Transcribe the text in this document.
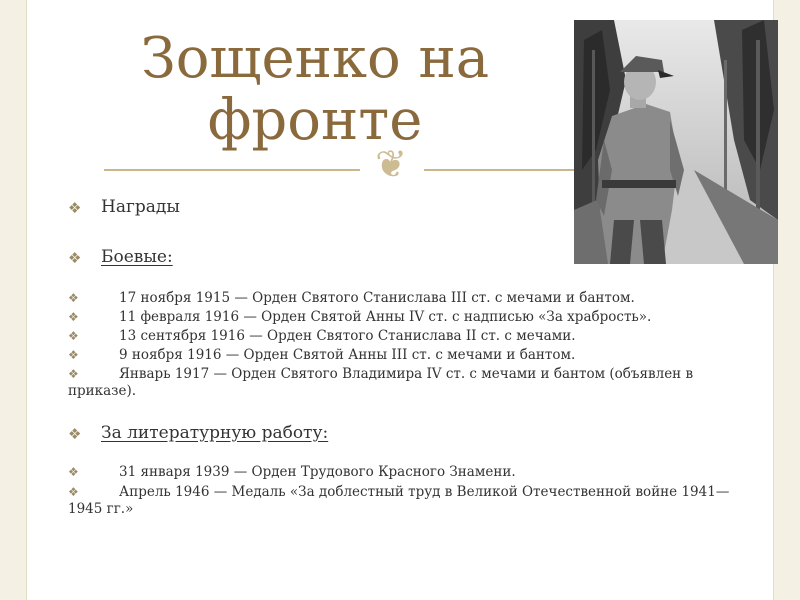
Зощенко на фронте
❦
❖ Награды
❖ Боевые:
❖	17 ноября 1915 — Орден Святого Станислава III ст. с мечами и бантом.
❖	11 февраля 1916 — Орден Святой Анны IV ст. с надписью «За храбрость».
❖	13 сентября 1916 — Орден Святого Станислава II ст. с мечами.
❖	9 ноября 1916 — Орден Святой Анны III ст. с мечами и бантом.
❖	Январь 1917 — Орден Святого Владимира IV ст. с мечами и бантом (объявлен в приказе).
❖ За литературную работу:
❖	31 января 1939 — Орден Трудового Красного Знамени.
❖	Апрель 1946 — Медаль «За доблестный труд в Великой Отечественной войне 1941—1945 гг.»
